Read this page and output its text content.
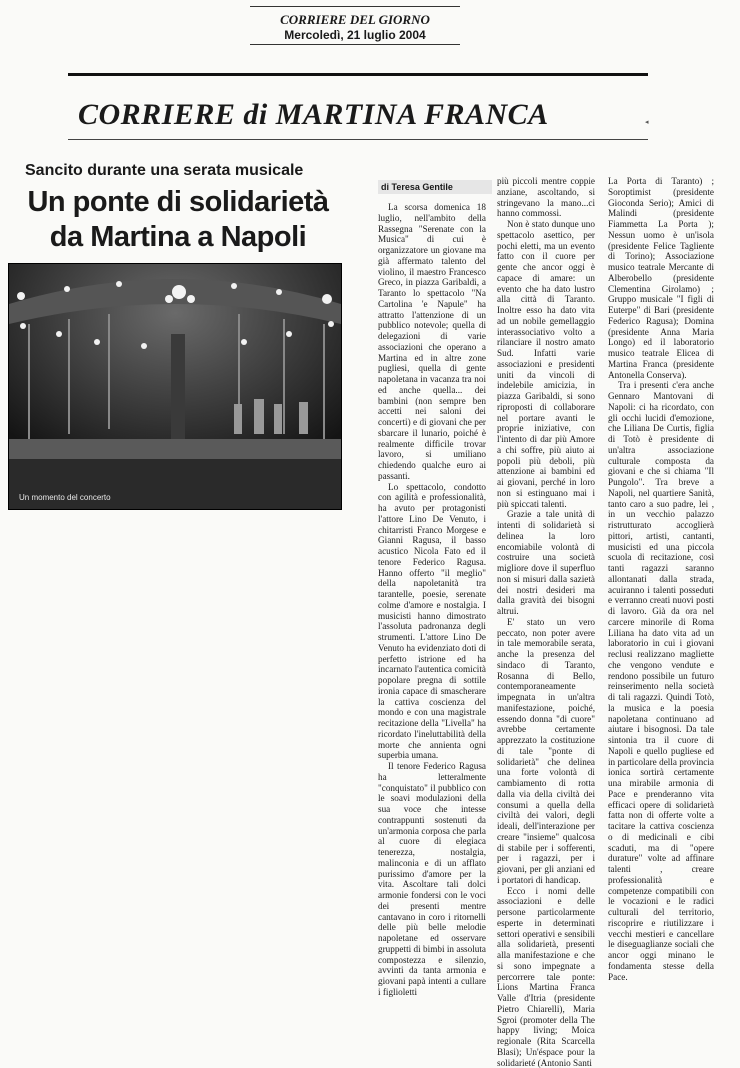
CORRIERE DEL GIORNO
Mercoledì, 21 luglio 2004
CORRIERE di MARTINA FRANCA	◂
Sancito durante una serata musicale
Un ponte di solidarietà
da Martina a Napoli
Un momento del concerto
di Teresa Gentile

La scorsa domenica 18 luglio, nell'ambito della Rassegna "Serenate con la Musica" di cui è organizzatore un giovane ma già affermato talento del violino, il maestro Francesco Greco, in piazza Garibaldi, a Taranto lo spettacolo "Na Cartolina 'e Napule" ha attratto l'attenzione di un pubblico notevole; quella di delegazioni di varie associazioni che operano a Martina ed in altre zone pugliesi, quella di gente napoletana in vacanza tra noi ed anche quella... dei bambini (non sempre ben accetti nei saloni dei concerti) e di giovani che per sbarcare il lunario, poiché è realmente difficile trovar lavoro, si umiliano chiedendo qualche euro ai passanti.

Lo spettacolo, condotto con agilità e professionalità, ha avuto per protagonisti l'attore Lino De Venuto, i chitarristi Franco Morgese e Gianni Ragusa, il basso acustico Nicola Fato ed il tenore Federico Ragusa. Hanno offerto "il meglio" della napoletanità tra tarantelle, poesie, serenate colme d'amore e nostalgia. I musicisti hanno dimostrato l'assoluta padronanza degli strumenti. L'attore Lino De Venuto ha evidenziato doti di perfetto istrione ed ha incarnato l'autentica comicità popolare pregna di sottile ironia capace di smascherare la cattiva coscienza del mondo e con una magistrale recitazione della "Livella" ha ricordato l'ineluttabilità della morte che annienta ogni superbia umana.

Il tenore Federico Ragusa ha letteralmente "conquistato" il pubblico con le soavi modulazioni della sua voce che intesse contrappunti sostenuti da un'armonia corposa che parla al cuore di elegiaca tenerezza, nostalgia, malinconia e di un afflato purissimo d'amore per la vita. Ascoltare tali dolci armonie fondersi con le voci dei presenti mentre cantavano in coro i ritornelli delle più belle melodie napoletane ed osservare gruppetti di bimbi in assoluta compostezza e silenzio, avvinti da tanta armonia e giovani papà intenti a cullare i figlioletti

più piccoli mentre coppie anziane, ascoltando, si stringevano la mano...ci hanno commossi.

Non è stato dunque uno spettacolo asettico, per pochi eletti, ma un evento fatto con il cuore per gente che ancor oggi è capace di amare: un evento che ha dato lustro alla città di Taranto. Inoltre esso ha dato vita ad un nobile gemellaggio interassociativo volto a rilanciare il nostro amato Sud. Infatti varie associazioni e presidenti uniti da vincoli di indelebile amicizia, in piazza Garibaldi, si sono riproposti di collaborare nel portare avanti le proprie iniziative, con l'intento di dar più Amore a chi soffre, più aiuto ai popoli più deboli, più attenzione ai bambini ed ai giovani, perché in loro non si estinguano mai i più spiccati talenti.

Grazie a tale unità di intenti di solidarietà si delinea la loro encomiabile volontà di costruire una società migliore dove il superfluo non si misuri dalla sazietà dei nostri desideri ma dalla gravità dei bisogni altrui.

E' stato un vero peccato, non poter avere in tale memorabile serata, anche la presenza del sindaco di Taranto, Rosanna di Bello, contemporaneamente impegnata in un'altra manifestazione, poiché, essendo donna "di cuore" avrebbe certamente apprezzato la costituzione di tale "ponte di solidarietà" che delinea una forte volontà di cambiamento di rotta dalla via della civiltà dei consumi a quella della civiltà dei valori, degli ideali, dell'interazione per creare "insieme" qualcosa di stabile per i sofferenti, per i ragazzi, per i giovani, per gli anziani ed i portatori di handicap.

Ecco i nomi delle associazioni e delle persone particolarmente esperte in determinati settori operativi e sensibili alla solidarietà, presenti alla manifestazione e che si sono impegnate a percorrere tale ponte: Lions Martina Franca Valle d'Itria (presidente Pietro Chiarelli), Maria Sgroi (promoter della The happy living; Moica regionale (Rita Scarcella Blasi); Un'éspace pour la solidarieté (Antonio Santi

La Porta di Taranto) ; Soroptimist (presidente Gioconda Serio); Amici di Malindi (presidente Fiammetta La Porta ); Nessun uomo è un'isola (presidente Felice Tagliente di Torino); Associazione musico teatrale Mercante di Alberobello (presidente Clementina Girolamo) ; Gruppo musicale "I figli di Euterpe" di Bari (presidente Federico Ragusa); Domina (presidente Anna Maria Longo) ed il laboratorio musico teatrale Elicea di Martina Franca (presidente Antonella Conserva).

Tra i presenti c'era anche Gennaro Mantovani di Napoli: ci ha ricordato, con gli occhi lucidi d'emozione, che Liliana De Curtis, figlia di Totò è presidente di un'altra associazione culturale composta da giovani e che si chiama "Il Pungolo". Tra breve a Napoli, nel quartiere Sanità, tanto caro a suo padre, lei , in un vecchio palazzo ristrutturato accoglierà pittori, artisti, cantanti, musicisti ed una piccola scuola di recitazione, così tanti ragazzi saranno allontanati dalla strada, acuiranno i talenti posseduti e verranno creati nuovi posti di lavoro. Già da ora nel carcere minorile di Roma Liliana ha dato vita ad un laboratorio in cui i giovani reclusi realizzano magliette che vengono vendute e rendono possibile un futuro reinserimento nella società di tali ragazzi. Quindi Totò, la musica e la poesia napoletana continuano ad aiutare i bisognosi. Da tale sintonia tra il cuore di Napoli e quello pugliese ed in particolare della provincia ionica sortirà certamente una mirabile armonia di Pace e prenderanno vita efficaci opere di solidarietà fatta non di offerte volte a tacitare la cattiva coscienza o di medicinali e cibi scaduti, ma di "opere durature" volte ad affinare talenti , creare professionalità e competenze compatibili con le vocazioni e le radici culturali del territorio, riscoprire e riutilizzare i vecchi mestieri e cancellare le diseguaglianze sociali che ancor oggi minano le fondamenta stesse della Pace.
